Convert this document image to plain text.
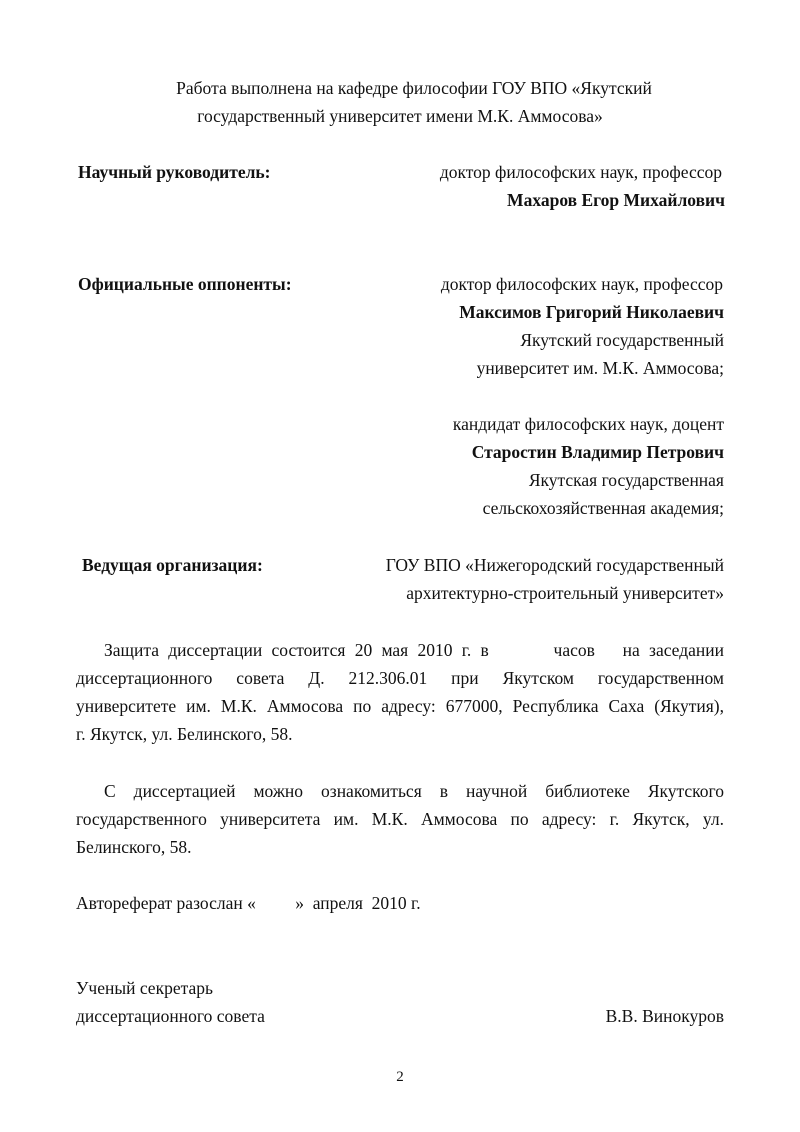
Работа выполнена на кафедре философии ГОУ ВПО «Якутский
государственный университет имени М.К. Аммосова»
Научный руководитель:	доктор философских наук, профессор
Махаров Егор Михайлович
Официальные оппоненты:	доктор философских наук, профессор
Максимов Григорий Николаевич
Якутский государственный
университет им. М.К. Аммосова;
кандидат философских наук, доцент
Старостин Владимир Петрович
Якутская государственная
сельскохозяйственная академия;
Ведущая организация:	ГОУ ВПО «Нижегородский государственный
архитектурно-строительный университет»
Защита диссертации состоится 20 мая 2010 г. в       часов   на заседании
диссертационного совета Д. 212.306.01 при Якутском государственном
университете им. М.К. Аммосова по адресу: 677000, Республика Саха (Якутия),
г. Якутск, ул. Белинского, 58.
С диссертацией можно ознакомиться в научной библиотеке Якутского
государственного университета им. М.К. Аммосова по адресу: г. Якутск, ул.
Белинского, 58.
Автореферат разослан «         »  апреля  2010 г.
Ученый секретарь
диссертационного совета	В.В. Винокуров
2
